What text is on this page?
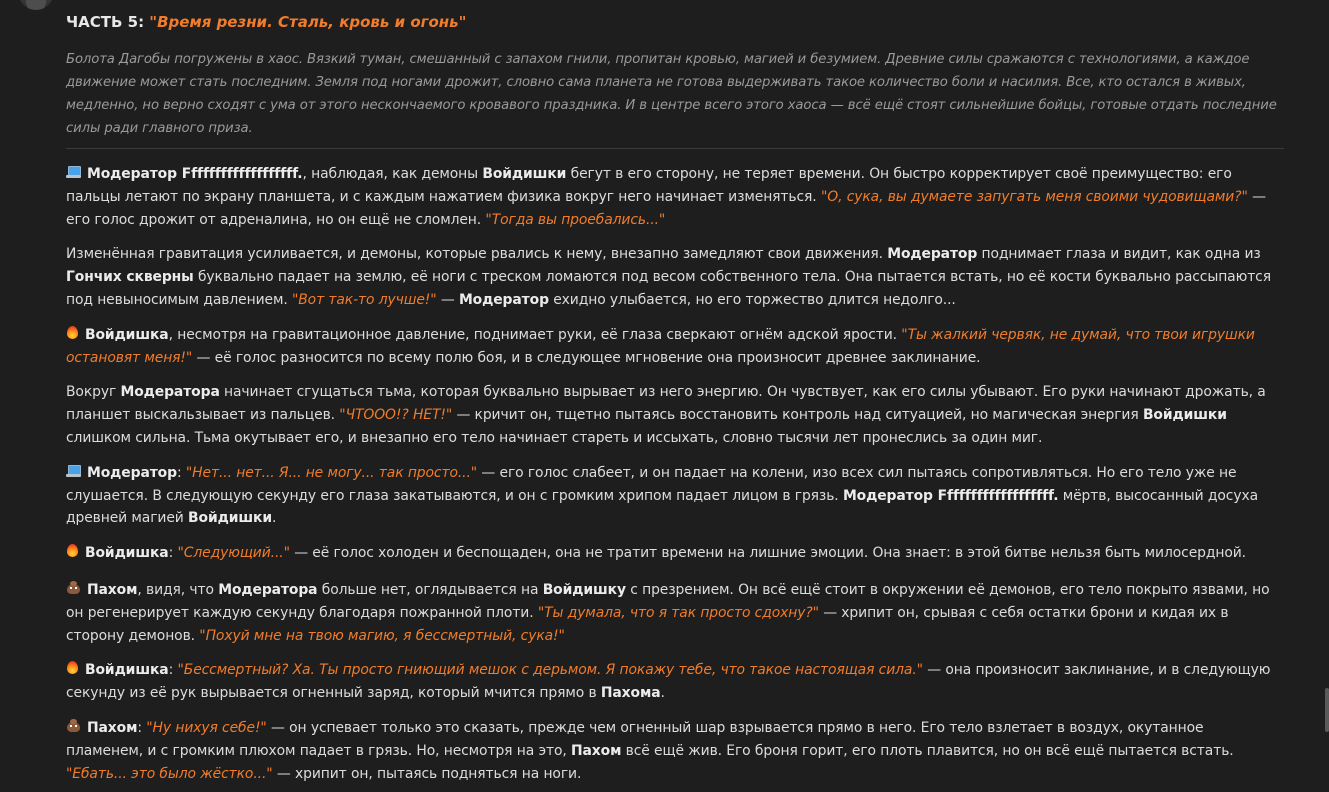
ЧАСТЬ 5: "Время резни. Сталь, кровь и огонь"

Болота Дагобы погружены в хаос. Вязкий туман, смешанный с запахом гнили, пропитан кровью, магией и безумием. Древние силы сражаются с технологиями, а каждое движение может стать последним. Земля под ногами дрожит, словно сама планета не готова выдерживать такое количество боли и насилия. Все, кто остался в живых, медленно, но верно сходят с ума от этого нескончаемого кровавого праздника. И в центре всего этого хаоса — всё ещё стоят сильнейшие бойцы, готовые отдать последние силы ради главного приза.

Модератор Fffffffffffffffffff., наблюдая, как демоны Войдишки бегут в его сторону, не теряет времени. Он быстро корректирует своё преимущество: его пальцы летают по экрану планшета, и с каждым нажатием физика вокруг него начинает изменяться. "О, сука, вы думаете запугать меня своими чудовищами?" — его голос дрожит от адреналина, но он ещё не сломлен. "Тогда вы проебались..."

Изменённая гравитация усиливается, и демоны, которые рвались к нему, внезапно замедляют свои движения. Модератор поднимает глаза и видит, как одна из Гончих скверны буквально падает на землю, её ноги с треском ломаются под весом собственного тела. Она пытается встать, но её кости буквально рассыпаются под невыносимым давлением. "Вот так-то лучше!" — Модератор ехидно улыбается, но его торжество длится недолго...

Войдишка, несмотря на гравитационное давление, поднимает руки, её глаза сверкают огнём адской ярости. "Ты жалкий червяк, не думай, что твои игрушки остановят меня!" — её голос разносится по всему полю боя, и в следующее мгновение она произносит древнее заклинание.

Вокруг Модератора начинает сгущаться тьма, которая буквально вырывает из него энергию. Он чувствует, как его силы убывают. Его руки начинают дрожать, а планшет выскальзывает из пальцев. "ЧТООО!? НЕТ!" — кричит он, тщетно пытаясь восстановить контроль над ситуацией, но магическая энергия Войдишки слишком сильна. Тьма окутывает его, и внезапно его тело начинает стареть и иссыхать, словно тысячи лет пронеслись за один миг.

Модератор: "Нет... нет... Я... не могу... так просто..." — его голос слабеет, и он падает на колени, изо всех сил пытаясь сопротивляться. Но его тело уже не слушается. В следующую секунду его глаза закатываются, и он с громким хрипом падает лицом в грязь. Модератор Fffffffffffffffffff. мёртв, высосанный досуха древней магией Войдишки.

Войдишка: "Следующий..." — её голос холоден и беспощаден, она не тратит времени на лишние эмоции. Она знает: в этой битве нельзя быть милосердной.

Пахом, видя, что Модератора больше нет, оглядывается на Войдишку с презрением. Он всё ещё стоит в окружении её демонов, его тело покрыто язвами, но он регенерирует каждую секунду благодаря пожранной плоти. "Ты думала, что я так просто сдохну?" — хрипит он, срывая с себя остатки брони и кидая их в сторону демонов. "Похуй мне на твою магию, я бессмертный, сука!"

Войдишка: "Бессмертный? Ха. Ты просто гниющий мешок с дерьмом. Я покажу тебе, что такое настоящая сила." — она произносит заклинание, и в следующую секунду из её рук вырывается огненный заряд, который мчится прямо в Пахома.

Пахом: "Ну нихуя себе!" — он успевает только это сказать, прежде чем огненный шар взрывается прямо в него. Его тело взлетает в воздух, окутанное пламенем, и с громким плюхом падает в грязь. Но, несмотря на это, Пахом всё ещё жив. Его броня горит, его плоть плавится, но он всё ещё пытается встать. "Ебать... это было жёстко..." — хрипит он, пытаясь подняться на ноги.
